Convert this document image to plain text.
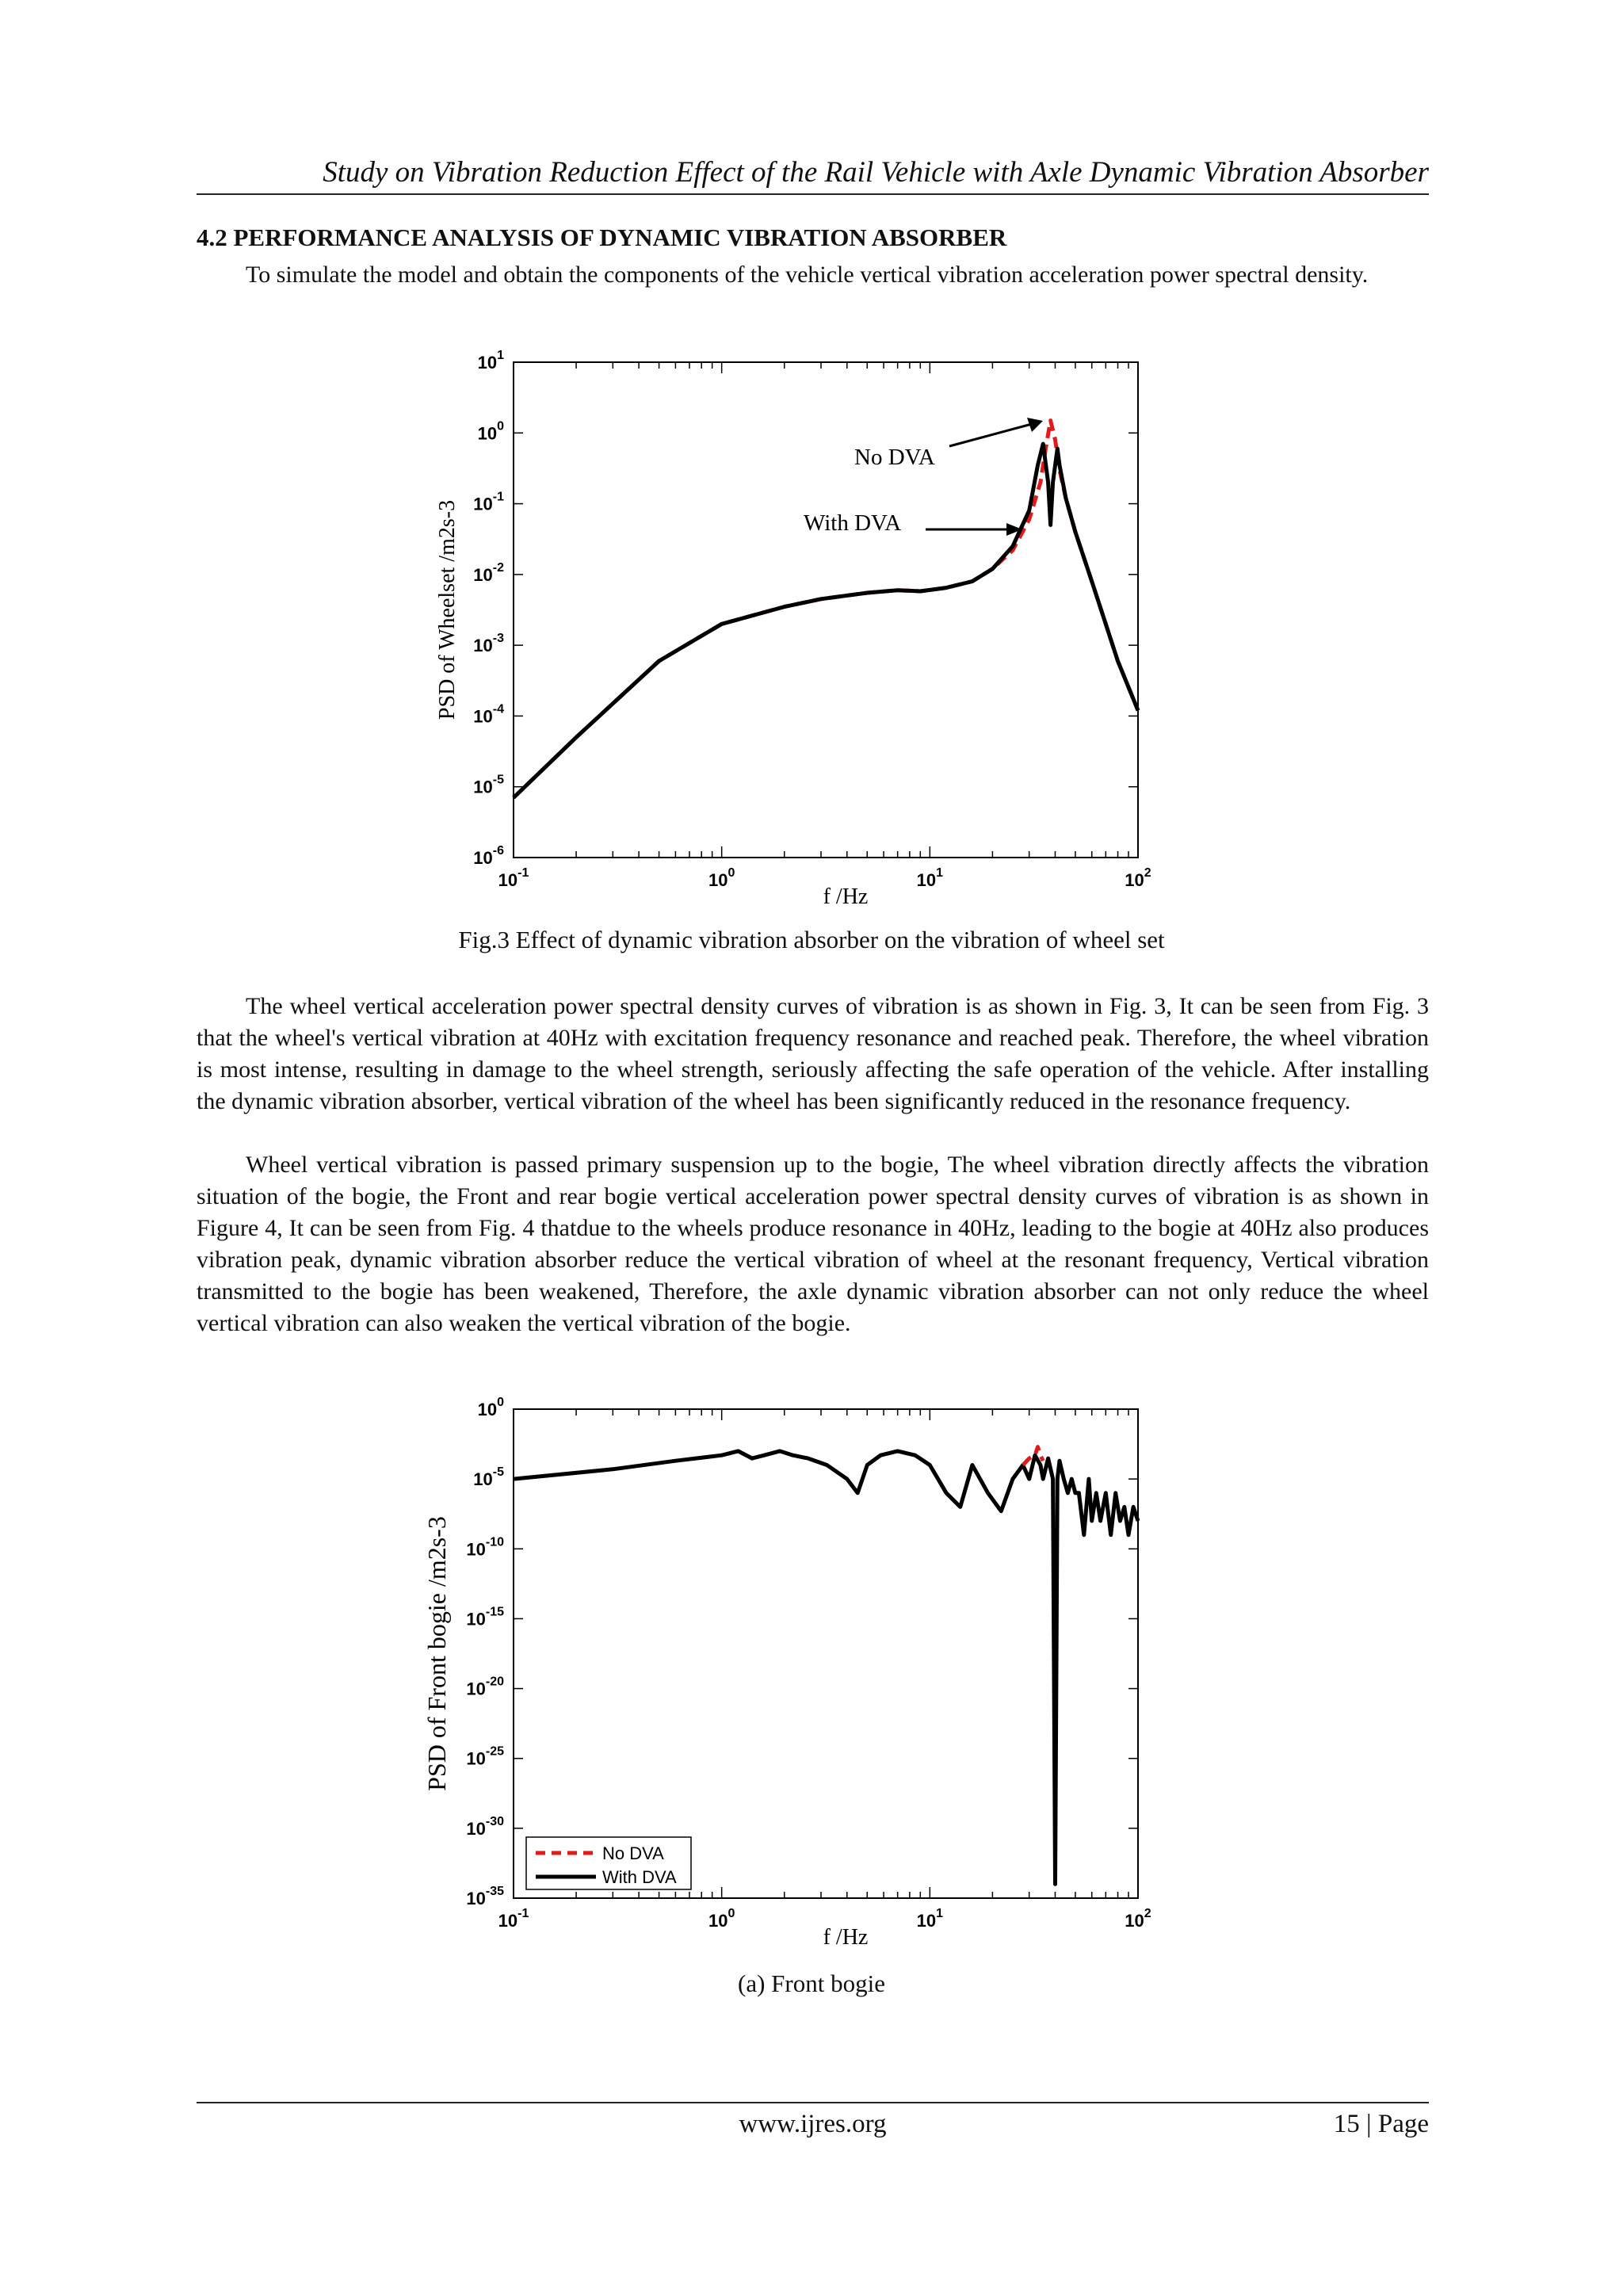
Study on Vibration Reduction Effect of the Rail Vehicle with Axle Dynamic Vibration Absorber
4.2 PERFORMANCE ANALYSIS OF DYNAMIC VIBRATION ABSORBER

To simulate the model and obtain the components of the vehicle vertical vibration acceleration power spectral density.

$10^1$
$10^0$
$10^{-1}$
$10^{-2}$
$10^{-3}$
$10^{-4}$
$10^{-5}$
$10^{-6}$
$10^{-1}$	$10^0$	$10^1$	$10^2$
f /Hz
PSD of Wheelset /m2s-3
No DVA
With DVA

Fig.3 Effect of dynamic vibration absorber on the vibration of wheel set

The wheel vertical acceleration power spectral density curves of vibration is as shown in Fig. 3, It can be seen from Fig. 3 that the wheel's vertical vibration at 40Hz with excitation frequency resonance and reached peak. Therefore, the wheel vibration is most intense, resulting in damage to the wheel strength, seriously affecting the safe operation of the vehicle. After installing the dynamic vibration absorber, vertical vibration of the wheel has been significantly reduced in the resonance frequency.

Wheel vertical vibration is passed primary suspension up to the bogie, The wheel vibration directly affects the vibration situation of the bogie, the Front and rear bogie vertical acceleration power spectral density curves of vibration is as shown in Figure 4, It can be seen from Fig. 4 thatdue to the wheels produce resonance in 40Hz, leading to the bogie at 40Hz also produces vibration peak, dynamic vibration absorber reduce the vertical vibration of wheel at the resonant frequency, Vertical vibration transmitted to the bogie has been weakened, Therefore, the axle dynamic vibration absorber can not only reduce the wheel vertical vibration can also weaken the vertical vibration of the bogie.

$10^0$
$10^{-5}$
$10^{-10}$
$10^{-15}$
$10^{-20}$
$10^{-25}$
$10^{-30}$
$10^{-35}$
$10^{-1}$	$10^0$	$10^1$	$10^2$
f /Hz
PSD of Front bogie /m2s-3
No DVA
With DVA

(a) Front bogie

www.ijres.org	15 | Page
